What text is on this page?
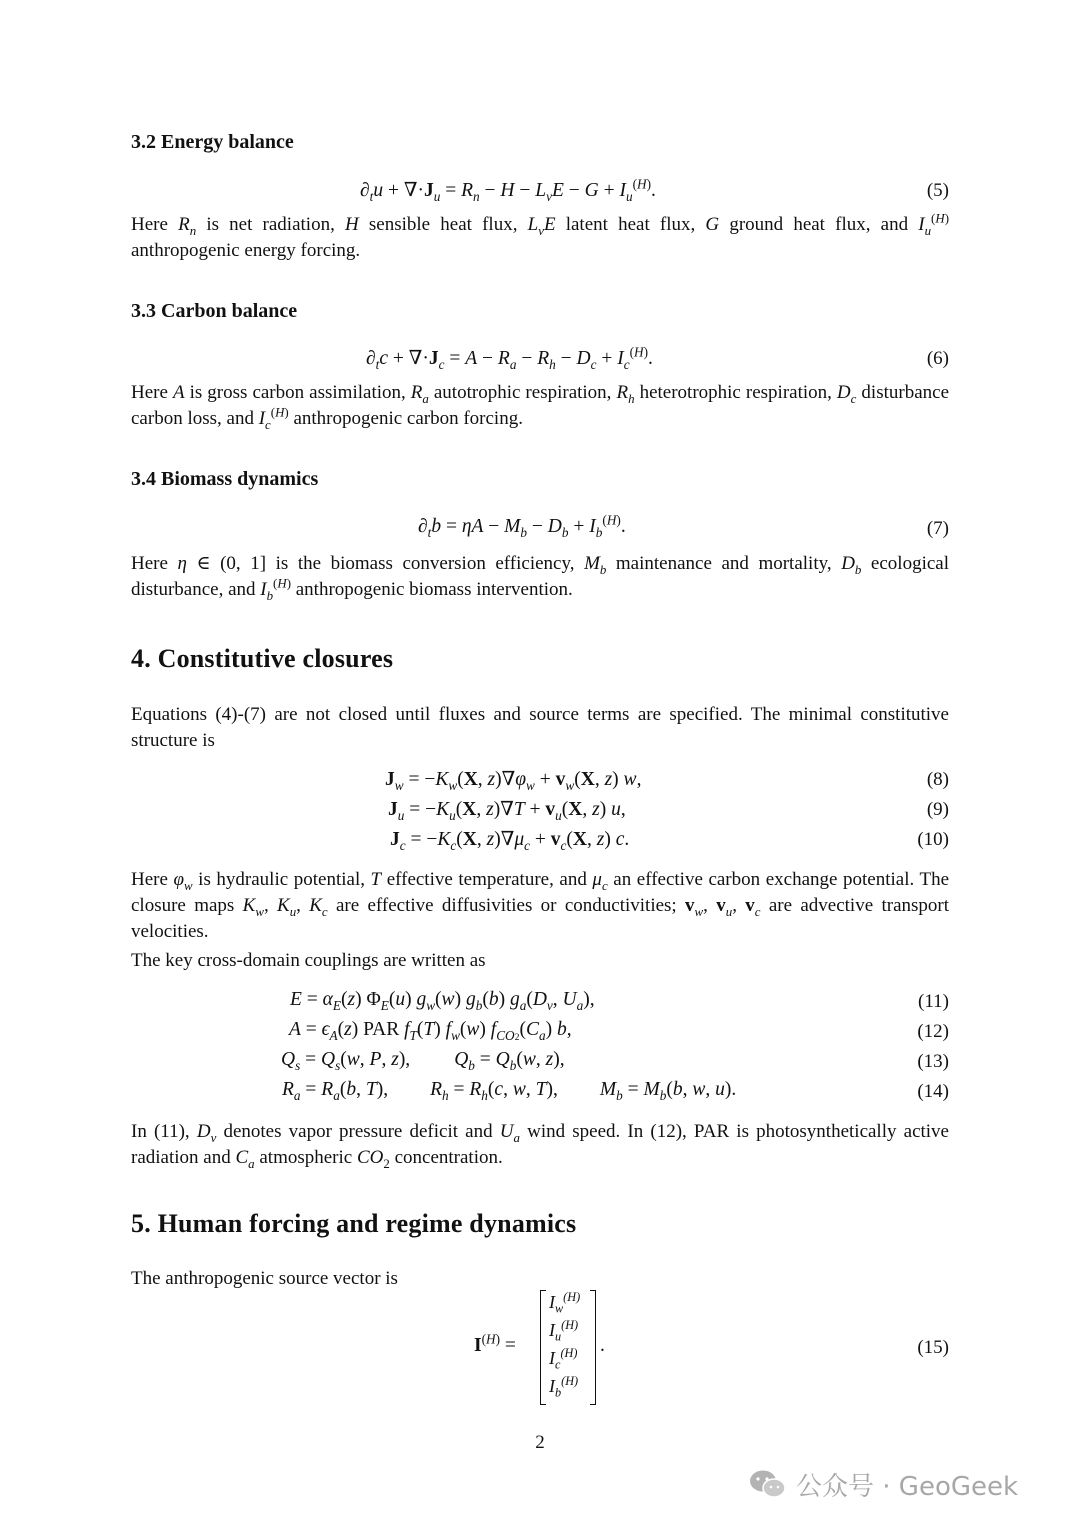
3.2 Energy balance
$\partial_tu + \nabla\cdot J_u = R_n - H - L_vE - G + I_u^{(H)}$.	(5)
Here $R_n$ is net radiation, H sensible heat flux, $L_vE$ latent heat flux, G ground heat flux, and $I_u^{(H)}$ anthropogenic energy forcing.
3.3 Carbon balance
$\partial_tc + \nabla\cdot J_c = A - R_a - R_h - D_c + I_c^{(H)}$.	(6)
Here A is gross carbon assimilation, $R_a$ autotrophic respiration, $R_h$ heterotrophic respiration, $D_c$ disturbance carbon loss, and $I_c^{(H)}$ anthropogenic carbon forcing.
3.4 Biomass dynamics
$\partial_tb = \eta A - M_b - D_b + I_b^{(H)}$.	(7)
Here η ∈ (0, 1] is the biomass conversion efficiency, $M_b$ maintenance and mortality, $D_b$ ecological disturbance, and $I_b^{(H)}$ anthropogenic biomass intervention.
4. Constitutive closures
Equations (4)-(7) are not closed until fluxes and source terms are specified. The minimal constitutive structure is
$J_w = -K_w(X$, $z)\nabla\varphi_w + v_w(X$, z) w,	(8)
$J_u = -K_u(X$, $z)\nabla T + v_u(X$, z) u,	(9)
$J_c = -K_c(X$, $z)\nabla\mu_c + v_c(X$, z) c.	(10)
Here $\varphi_w$ is hydraulic potential, T effective temperature, and $\mu_c$ an effective carbon exchange potential. The closure maps $K_w$, $K_u$, $K_c$ are effective diffusivities or conductivities; $v_w$, $v_u$, $v_c$ are advective transport velocities.
The key cross-domain couplings are written as
$E = \alpha_E(z)$ $\Phi_E(u)$ $g_w(w)$ $g_b(b)$ $g_a(D_v$, $U_a$),	(11)
$A = \epsilon_A(z)$ PAR $f_T(T)$ $f_w(w)$ $f_{CO2}(C_a)$ b,	(12)
$Q_s = Q_s(w$, P, z), $Q_b = Q_b(w$, z),	(13)
$R_a = R_a(b$, T), $R_h = R_h(c$, w, T), $M_b = M_b(b$, w, u).	(14)
In (11), $D_v$ denotes vapor pressure deficit and $U_a$ wind speed. In (12), PAR is photosynthetically active radiation and $C_a$ atmospheric $CO_2$ concentration.
5. Human forcing and regime dynamics
The anthropogenic source vector is
$I^{(H)}$ =
$I_w^{(H)}$
$I_u^{(H)}$
$I_c^{(H)}$
$I_b^{(H)}$
.	(15)
2
公众号 · GeoGeek
